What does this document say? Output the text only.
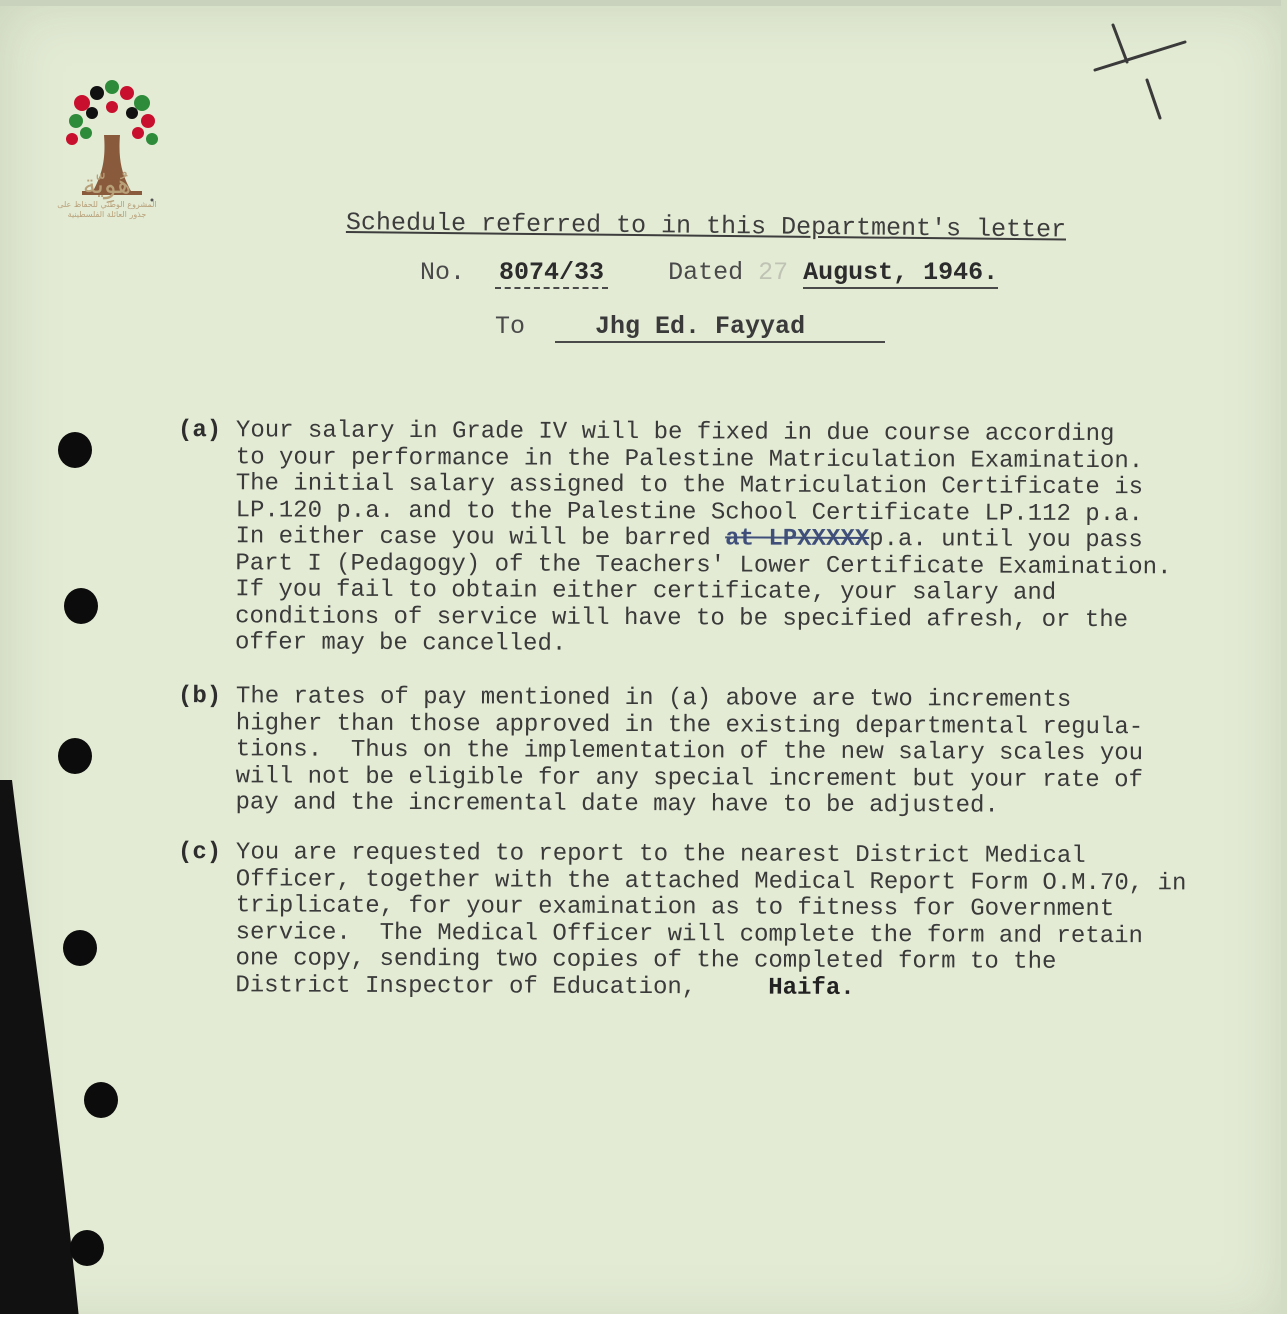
هُوِيّة
المشروع الوطني للحفاظ على
جذور العائلة الفلسطينية	Schedule referred to in this Department's letter
No. 8074/33	Dated 27 August, 1946.
To	Jhg Ed. Fayyad
(a) Your salary in Grade IV will be fixed in due course according
to your performance in the Palestine Matriculation Examination.
The initial salary assigned to the Matriculation Certificate is
LP.120 p.a. and to the Palestine School Certificate LP.112 p.a.
In either case you will be barred at LPXXXXXp.a. until you pass
Part I (Pedagogy) of the Teachers' Lower Certificate Examination.
If you fail to obtain either certificate, your salary and
conditions of service will have to be specified afresh, or the
offer may be cancelled.
(b) The rates of pay mentioned in (a) above are two increments
higher than those approved in the existing departmental regula-
tions.  Thus on the implementation of the new salary scales you
will not be eligible for any special increment but your rate of
pay and the incremental date may have to be adjusted.
(c) You are requested to report to the nearest District Medical
Officer, together with the attached Medical Report Form O.M.70, in
triplicate, for your examination as to fitness for Government
service.  The Medical Officer will complete the form and retain
one copy, sending two copies of the completed form to the
District Inspector of Education,	Haifa.
